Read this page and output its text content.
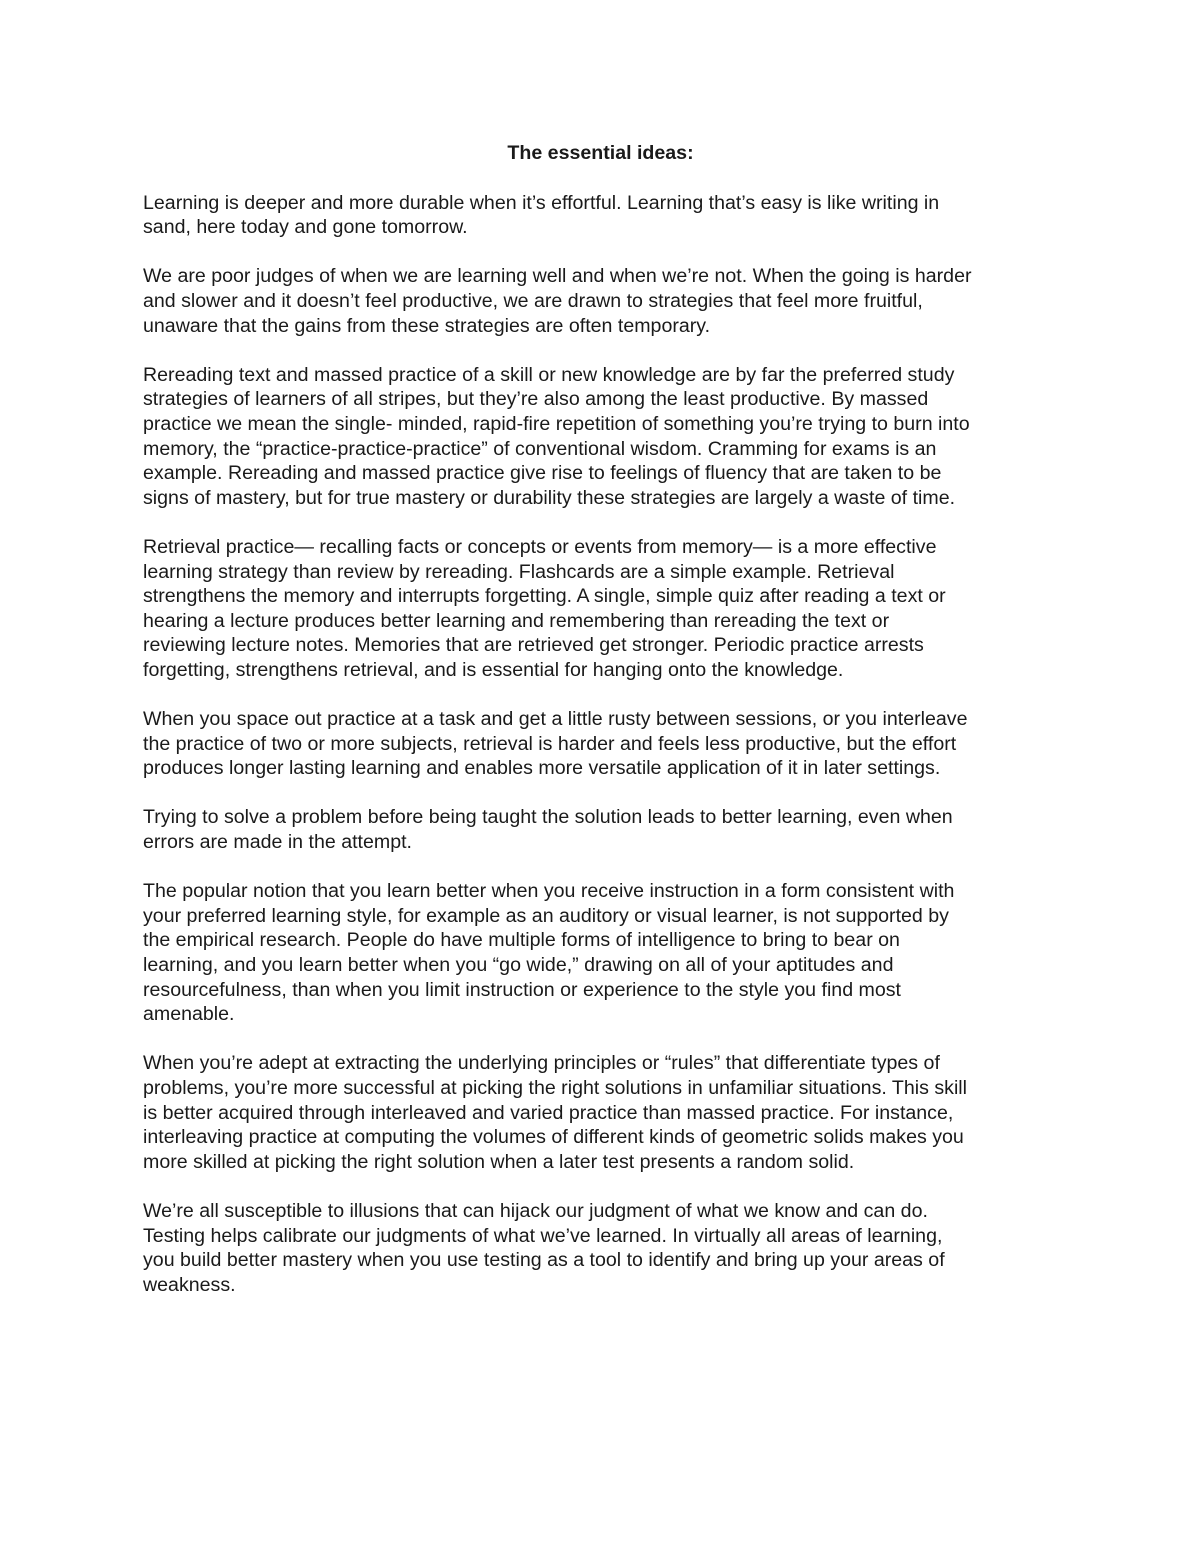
The essential ideas:
Learning is deeper and more durable when it’s effortful. Learning that’s easy is like writing in
sand, here today and gone tomorrow.
We are poor judges of when we are learning well and when we’re not. When the going is harder
and slower and it doesn’t feel productive, we are drawn to strategies that feel more fruitful,
unaware that the gains from these strategies are often temporary.
Rereading text and massed practice of a skill or new knowledge are by far the preferred study
strategies of learners of all stripes, but they’re also among the least productive. By massed
practice we mean the single- minded, rapid-fire repetition of something you’re trying to burn into
memory, the “practice-practice-practice” of conventional wisdom. Cramming for exams is an
example. Rereading and massed practice give rise to feelings of fluency that are taken to be
signs of mastery, but for true mastery or durability these strategies are largely a waste of time.
Retrieval practice— recalling facts or concepts or events from memory— is a more effective
learning strategy than review by rereading. Flashcards are a simple example. Retrieval
strengthens the memory and interrupts forgetting. A single, simple quiz after reading a text or
hearing a lecture produces better learning and remembering than rereading the text or
reviewing lecture notes. Memories that are retrieved get stronger. Periodic practice arrests
forgetting, strengthens retrieval, and is essential for hanging onto the knowledge.
When you space out practice at a task and get a little rusty between sessions, or you interleave
the practice of two or more subjects, retrieval is harder and feels less productive, but the effort
produces longer lasting learning and enables more versatile application of it in later settings.
Trying to solve a problem before being taught the solution leads to better learning, even when
errors are made in the attempt.
The popular notion that you learn better when you receive instruction in a form consistent with
your preferred learning style, for example as an auditory or visual learner, is not supported by
the empirical research. People do have multiple forms of intelligence to bring to bear on
learning, and you learn better when you “go wide,” drawing on all of your aptitudes and
resourcefulness, than when you limit instruction or experience to the style you find most
amenable.
When you’re adept at extracting the underlying principles or “rules” that differentiate types of
problems, you’re more successful at picking the right solutions in unfamiliar situations. This skill
is better acquired through interleaved and varied practice than massed practice. For instance,
interleaving practice at computing the volumes of different kinds of geometric solids makes you
more skilled at picking the right solution when a later test presents a random solid.
We’re all susceptible to illusions that can hijack our judgment of what we know and can do.
Testing helps calibrate our judgments of what we’ve learned. In virtually all areas of learning,
you build better mastery when you use testing as a tool to identify and bring up your areas of
weakness.
